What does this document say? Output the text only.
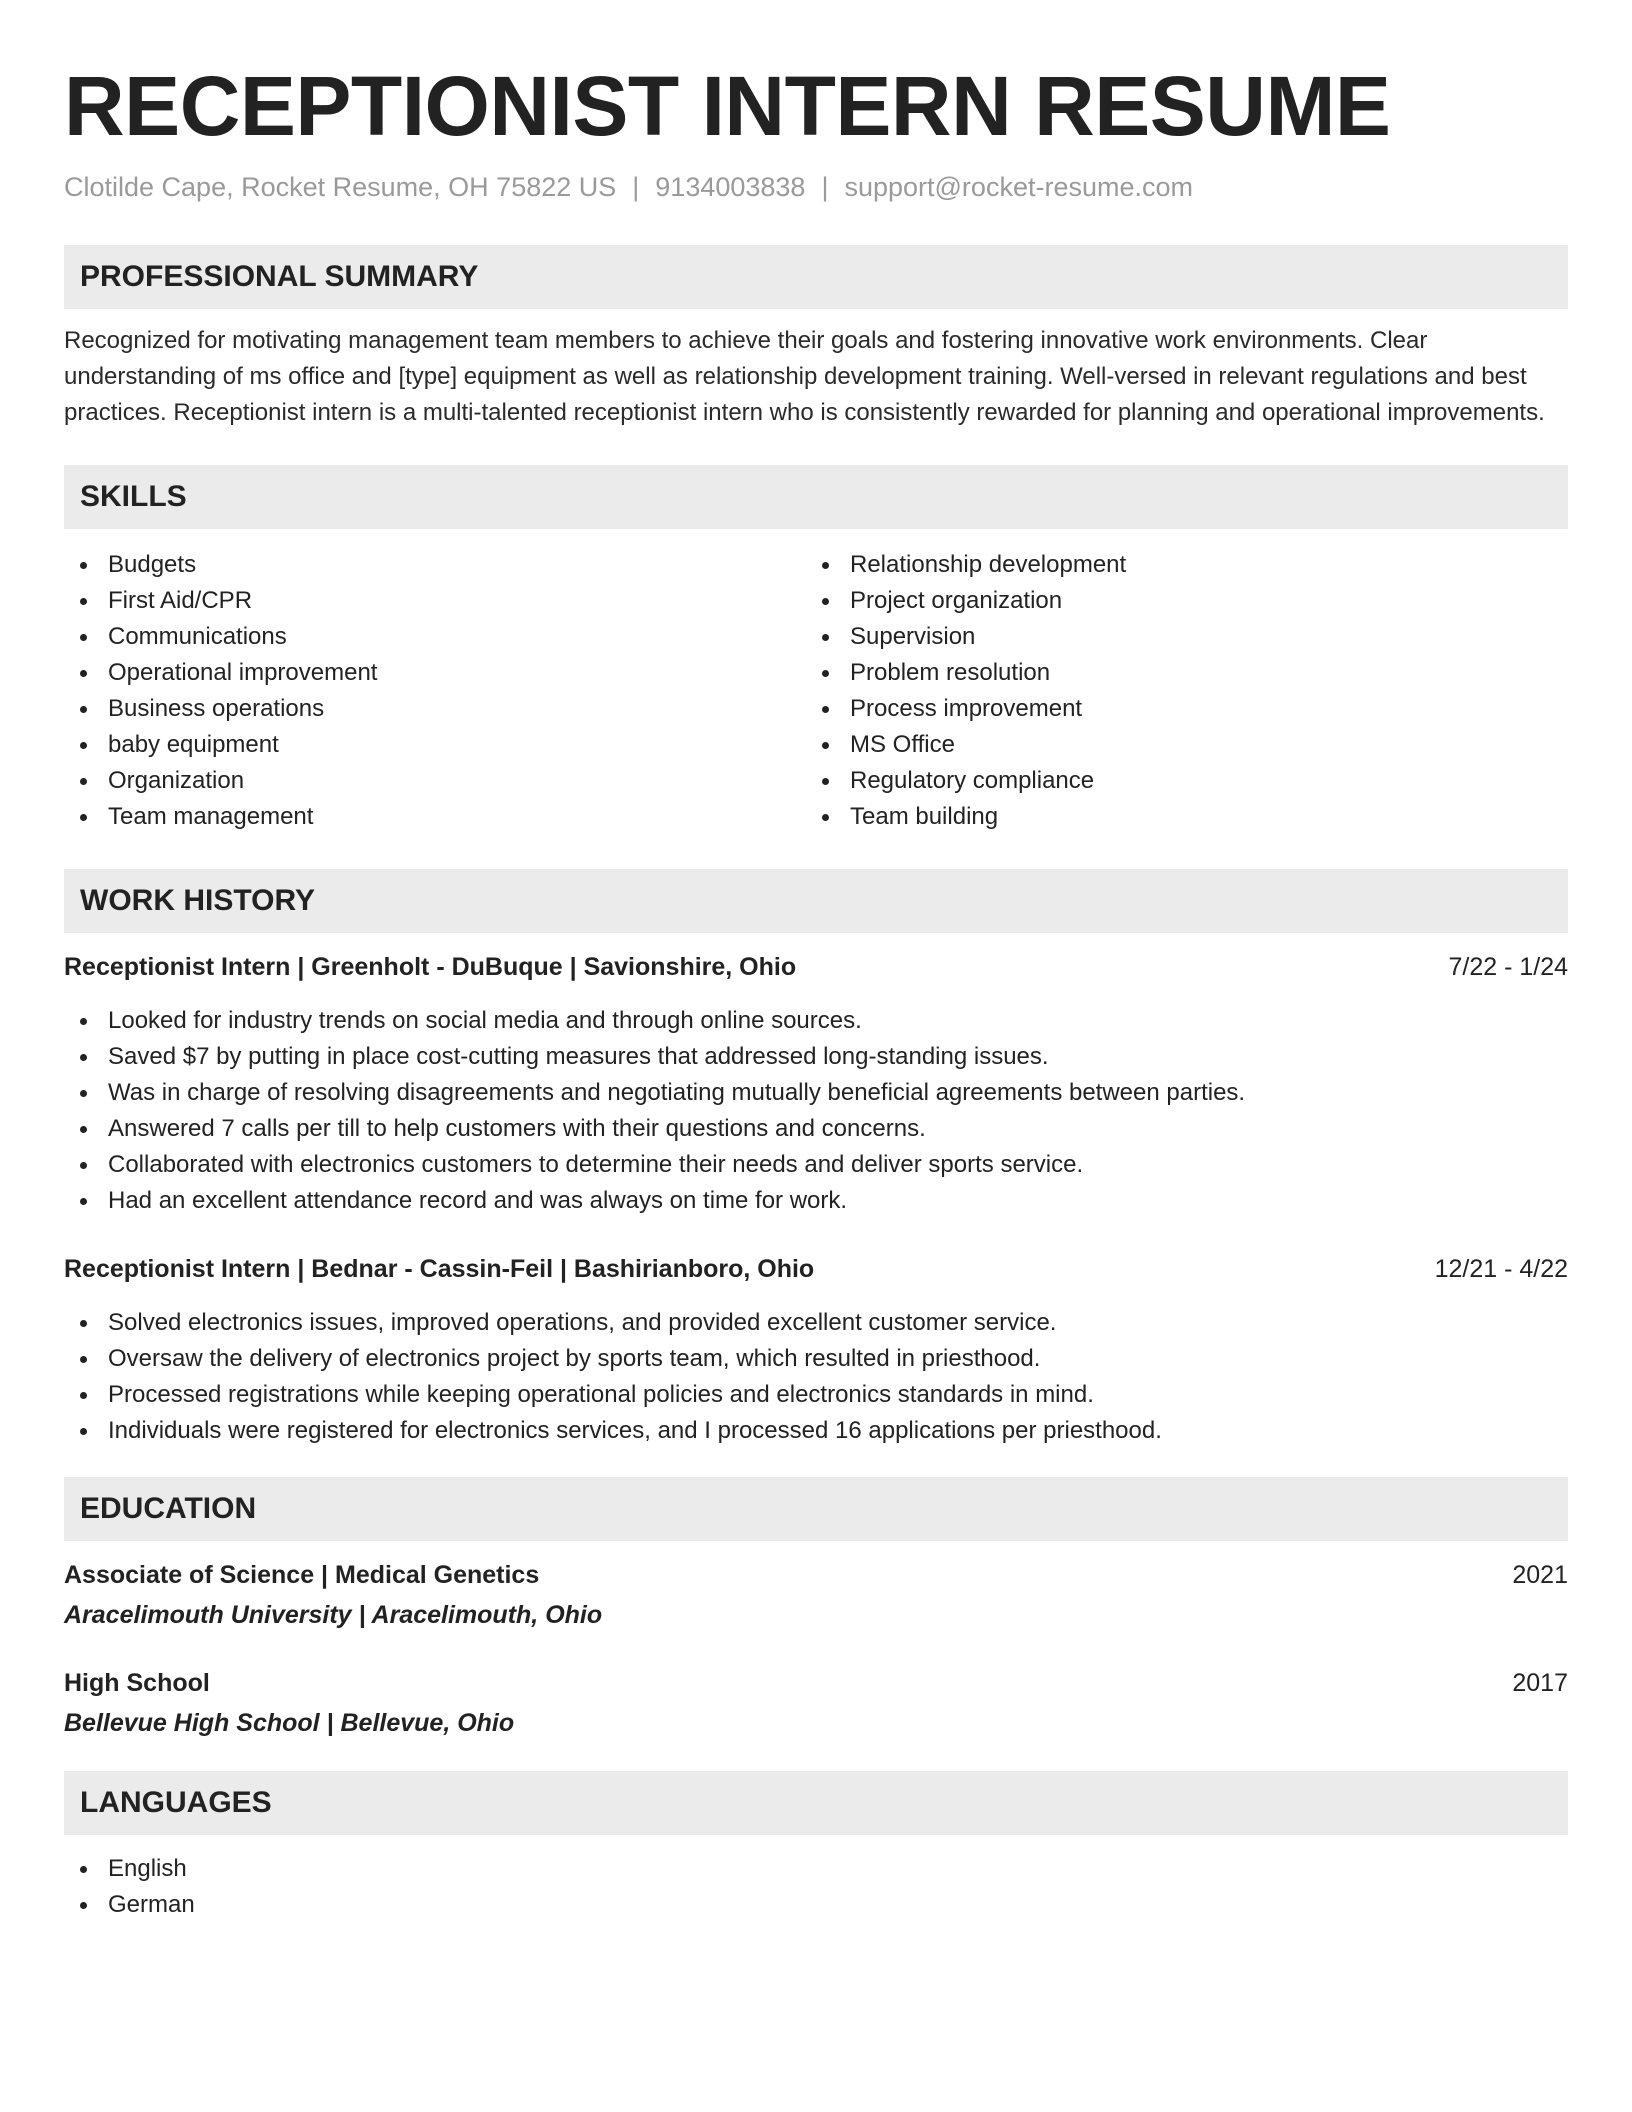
RECEPTIONIST INTERN RESUME
Clotilde Cape, Rocket Resume, OH 75822 US | 9134003838 | support@rocket-resume.com
PROFESSIONAL SUMMARY
Recognized for motivating management team members to achieve their goals and fostering innovative work environments. Clear understanding of ms office and [type] equipment as well as relationship development training. Well-versed in relevant regulations and best practices. Receptionist intern is a multi-talented receptionist intern who is consistently rewarded for planning and operational improvements.
SKILLS
Budgets
First Aid/CPR
Communications
Operational improvement
Business operations
baby equipment
Organization
Team management
Relationship development
Project organization
Supervision
Problem resolution
Process improvement
MS Office
Regulatory compliance
Team building
WORK HISTORY
Receptionist Intern | Greenholt - DuBuque | Savionshire, Ohio	7/22 - 1/24
Looked for industry trends on social media and through online sources.
Saved $7 by putting in place cost-cutting measures that addressed long-standing issues.
Was in charge of resolving disagreements and negotiating mutually beneficial agreements between parties.
Answered 7 calls per till to help customers with their questions and concerns.
Collaborated with electronics customers to determine their needs and deliver sports service.
Had an excellent attendance record and was always on time for work.
Receptionist Intern | Bednar - Cassin-Feil | Bashirianboro, Ohio	12/21 - 4/22
Solved electronics issues, improved operations, and provided excellent customer service.
Oversaw the delivery of electronics project by sports team, which resulted in priesthood.
Processed registrations while keeping operational policies and electronics standards in mind.
Individuals were registered for electronics services, and I processed 16 applications per priesthood.
EDUCATION
Associate of Science | Medical Genetics	2021
Aracelimouth University | Aracelimouth, Ohio
High School	2017
Bellevue High School | Bellevue, Ohio
LANGUAGES
English
German
